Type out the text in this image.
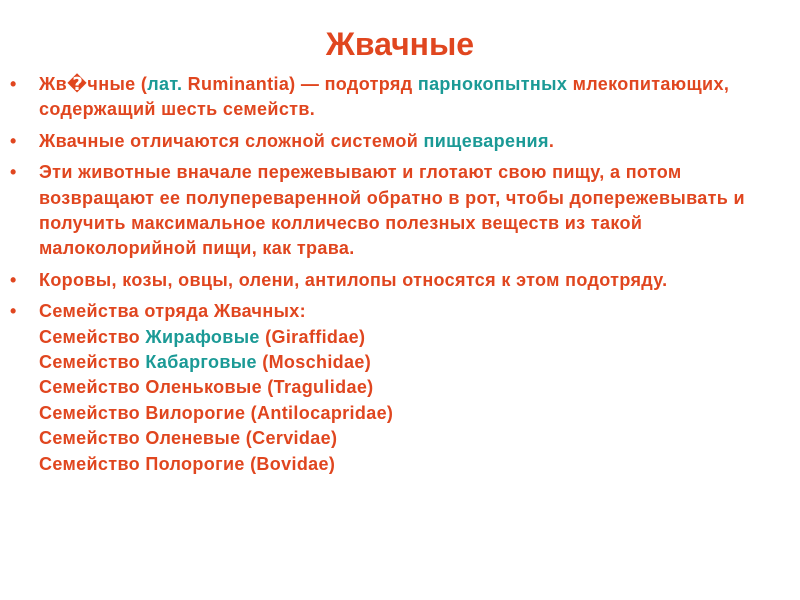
Жвачные

•	Жв�чные (лат. Ruminantia) — подотряд парнокопытных млекопитающих, содержащий шесть семейств.

•	Жвачные отличаются сложной системой пищеварения.

•	Эти животные вначале пережевывают и глотают свою пищу, а потом возвращают ее полупереваренной обратно в рот, чтобы допережевывать и получить максимальное колличесво полезных веществ из такой малоколорийной пищи, как трава.

•	Коровы, козы, овцы, олени, антилопы относятся к этом подотряду.

•	Семейства отряда Жвачных:
Семейство Жирафовые (Giraffidae)
Семейство Кабарговые (Moschidae)
Семейство Оленьковые (Tragulidae)
Семейство Вилорогие (Antilocapridae)
Семейство Оленевые (Cervidae)
Семейство Полорогие (Bovidae)
